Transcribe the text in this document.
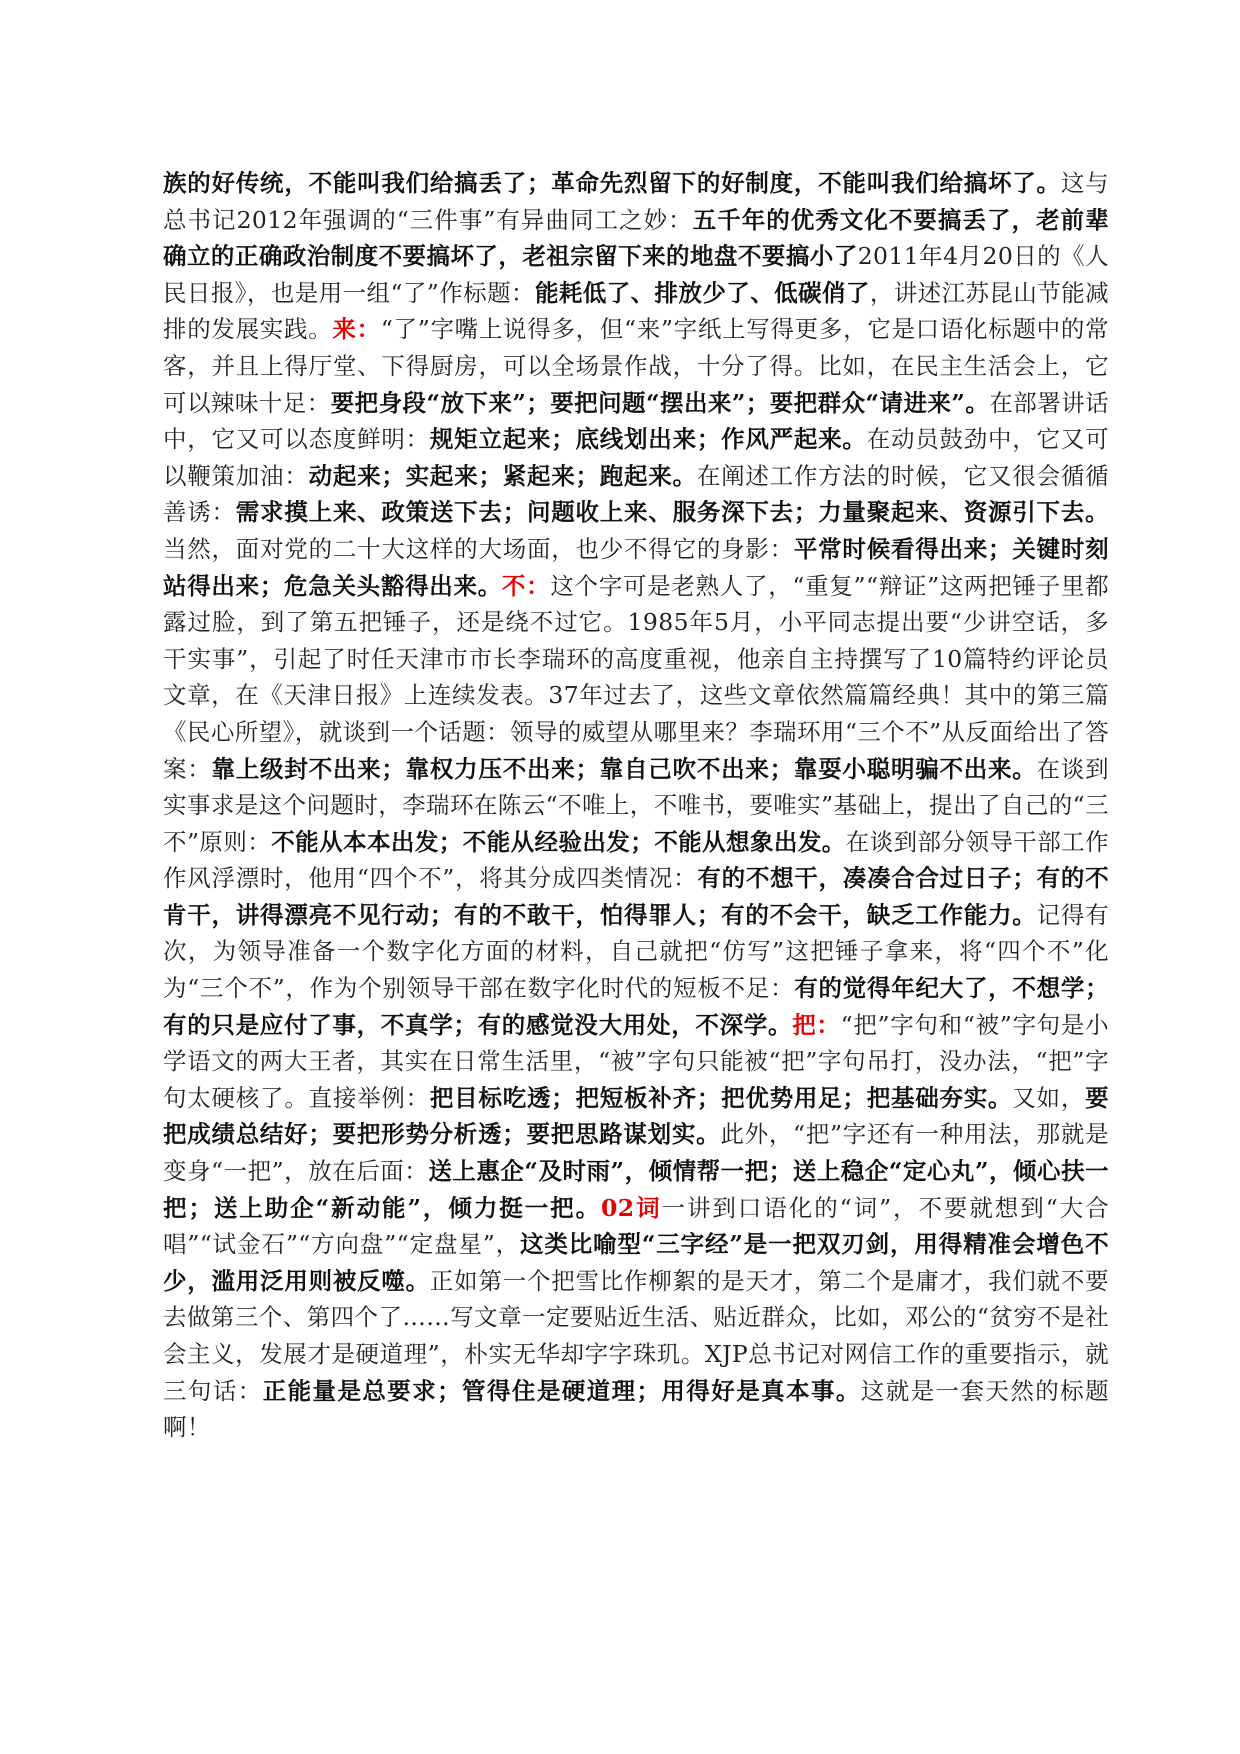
族的好传统，不能叫我们给搞丢了；革命先烈留下的好制度，不能叫我们给搞坏了。这与总书记2012年强调的“三件事”有异曲同工之妙：五千年的优秀文化不要搞丢了，老前辈确立的正确政治制度不要搞坏了，老祖宗留下来的地盘不要搞小了2011年4月20日的《人民日报》，也是用一组“了”作标题：能耗低了、排放少了、低碳俏了，讲述江苏昆山节能减排的发展实践。来：“了”字嘴上说得多，但“来”字纸上写得更多，它是口语化标题中的常客，并且上得厅堂、下得厨房，可以全场景作战，十分了得。比如，在民主生活会上，它可以辣味十足：要把身段“放下来”；要把问题“摆出来”；要把群众“请进来”。在部署讲话中，它又可以态度鲜明：规矩立起来；底线划出来；作风严起来。在动员鼓劲中，它又可以鞭策加油：动起来；实起来；紧起来；跑起来。在阐述工作方法的时候，它又很会循循善诱：需求摸上来、政策送下去；问题收上来、服务深下去；力量聚起来、资源引下去。当然，面对党的二十大这样的大场面，也少不得它的身影：平常时候看得出来；关键时刻站得出来；危急关头豁得出来。不：这个字可是老熟人了，“重复”“辩证”这两把锤子里都露过脸，到了第五把锤子，还是绕不过它。1985年5月，小平同志提出要“少讲空话，多干实事”，引起了时任天津市市长李瑞环的高度重视，他亲自主持撰写了10篇特约评论员文章，在《天津日报》上连续发表。37年过去了，这些文章依然篇篇经典！其中的第三篇《民心所望》，就谈到一个话题：领导的威望从哪里来？李瑞环用“三个不”从反面给出了答案：靠上级封不出来；靠权力压不出来；靠自己吹不出来；靠耍小聪明骗不出来。在谈到实事求是这个问题时，李瑞环在陈云“不唯上，不唯书，要唯实”基础上，提出了自己的“三不”原则：不能从本本出发；不能从经验出发；不能从想象出发。在谈到部分领导干部工作作风浮漂时，他用“四个不”，将其分成四类情况：有的不想干，凑凑合合过日子；有的不肯干，讲得漂亮不见行动；有的不敢干，怕得罪人；有的不会干，缺乏工作能力。记得有次，为领导准备一个数字化方面的材料，自己就把“仿写”这把锤子拿来，将“四个不”化为“三个不”，作为个别领导干部在数字化时代的短板不足：有的觉得年纪大了，不想学；有的只是应付了事，不真学；有的感觉没大用处，不深学。把：“把”字句和“被”字句是小学语文的两大王者，其实在日常生活里，“被”字句只能被“把”字句吊打，没办法，“把”字句太硬核了。直接举例：把目标吃透；把短板补齐；把优势用足；把基础夯实。又如，要把成绩总结好；要把形势分析透；要把思路谋划实。此外，“把”字还有一种用法，那就是变身“一把”，放在后面：送上惠企“及时雨”，倾情帮一把；送上稳企“定心丸”，倾心扶一把；送上助企“新动能”，倾力挺一把。02词一讲到口语化的“词”，不要就想到“大合唱”“试金石”“方向盘”“定盘星”，这类比喻型“三字经”是一把双刃剑，用得精准会增色不少，滥用泛用则被反噬。正如第一个把雪比作柳絮的是天才，第二个是庸才，我们就不要去做第三个、第四个了……写文章一定要贴近生活、贴近群众，比如，邓公的“贫穷不是社会主义，发展才是硬道理”，朴实无华却字字珠玑。XJP总书记对网信工作的重要指示，就三句话：正能量是总要求；管得住是硬道理；用得好是真本事。这就是一套天然的标题啊！
